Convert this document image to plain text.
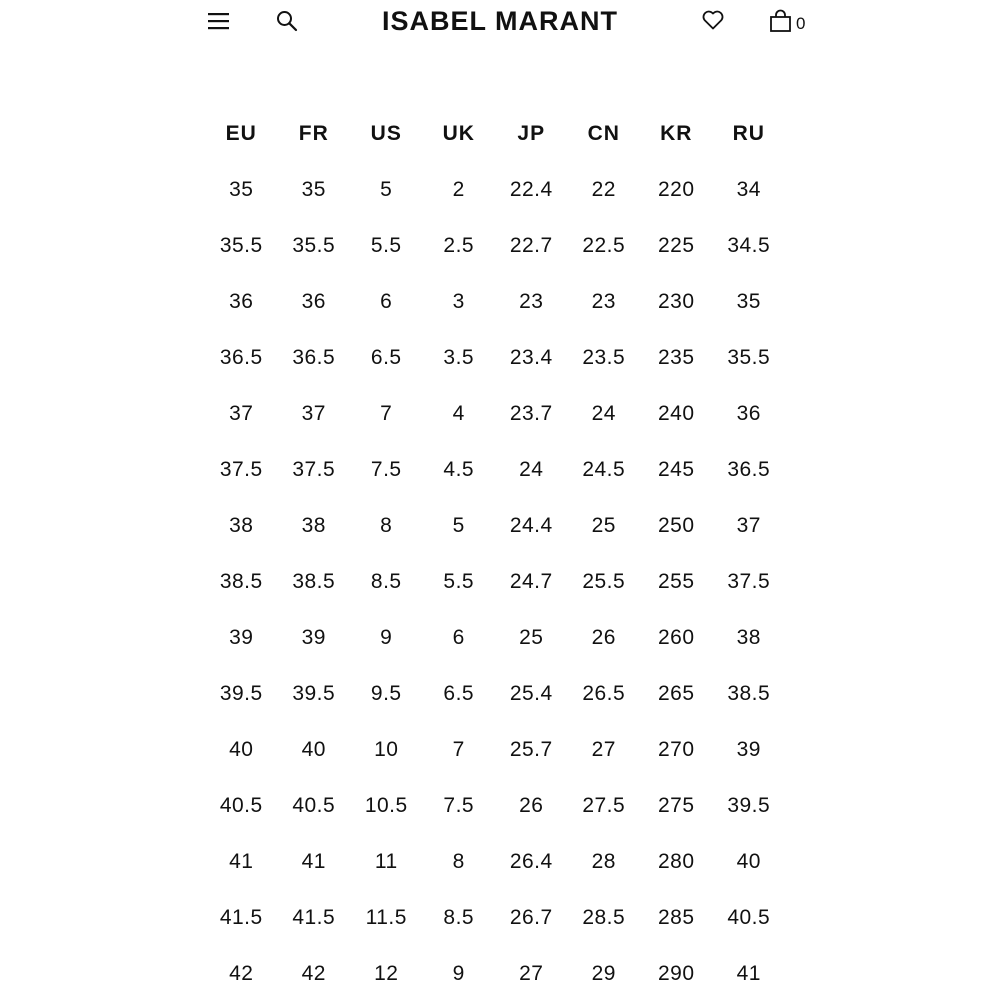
ISABEL MARANT	0
EU	FR	US	UK	JP	CN	KR	RU
35	35	5	2	22.4	22	220	34
35.5	35.5	5.5	2.5	22.7	22.5	225	34.5
36	36	6	3	23	23	230	35
36.5	36.5	6.5	3.5	23.4	23.5	235	35.5
37	37	7	4	23.7	24	240	36
37.5	37.5	7.5	4.5	24	24.5	245	36.5
38	38	8	5	24.4	25	250	37
38.5	38.5	8.5	5.5	24.7	25.5	255	37.5
39	39	9	6	25	26	260	38
39.5	39.5	9.5	6.5	25.4	26.5	265	38.5
40	40	10	7	25.7	27	270	39
40.5	40.5	10.5	7.5	26	27.5	275	39.5
41	41	11	8	26.4	28	280	40
41.5	41.5	11.5	8.5	26.7	28.5	285	40.5
42	42	12	9	27	29	290	41
